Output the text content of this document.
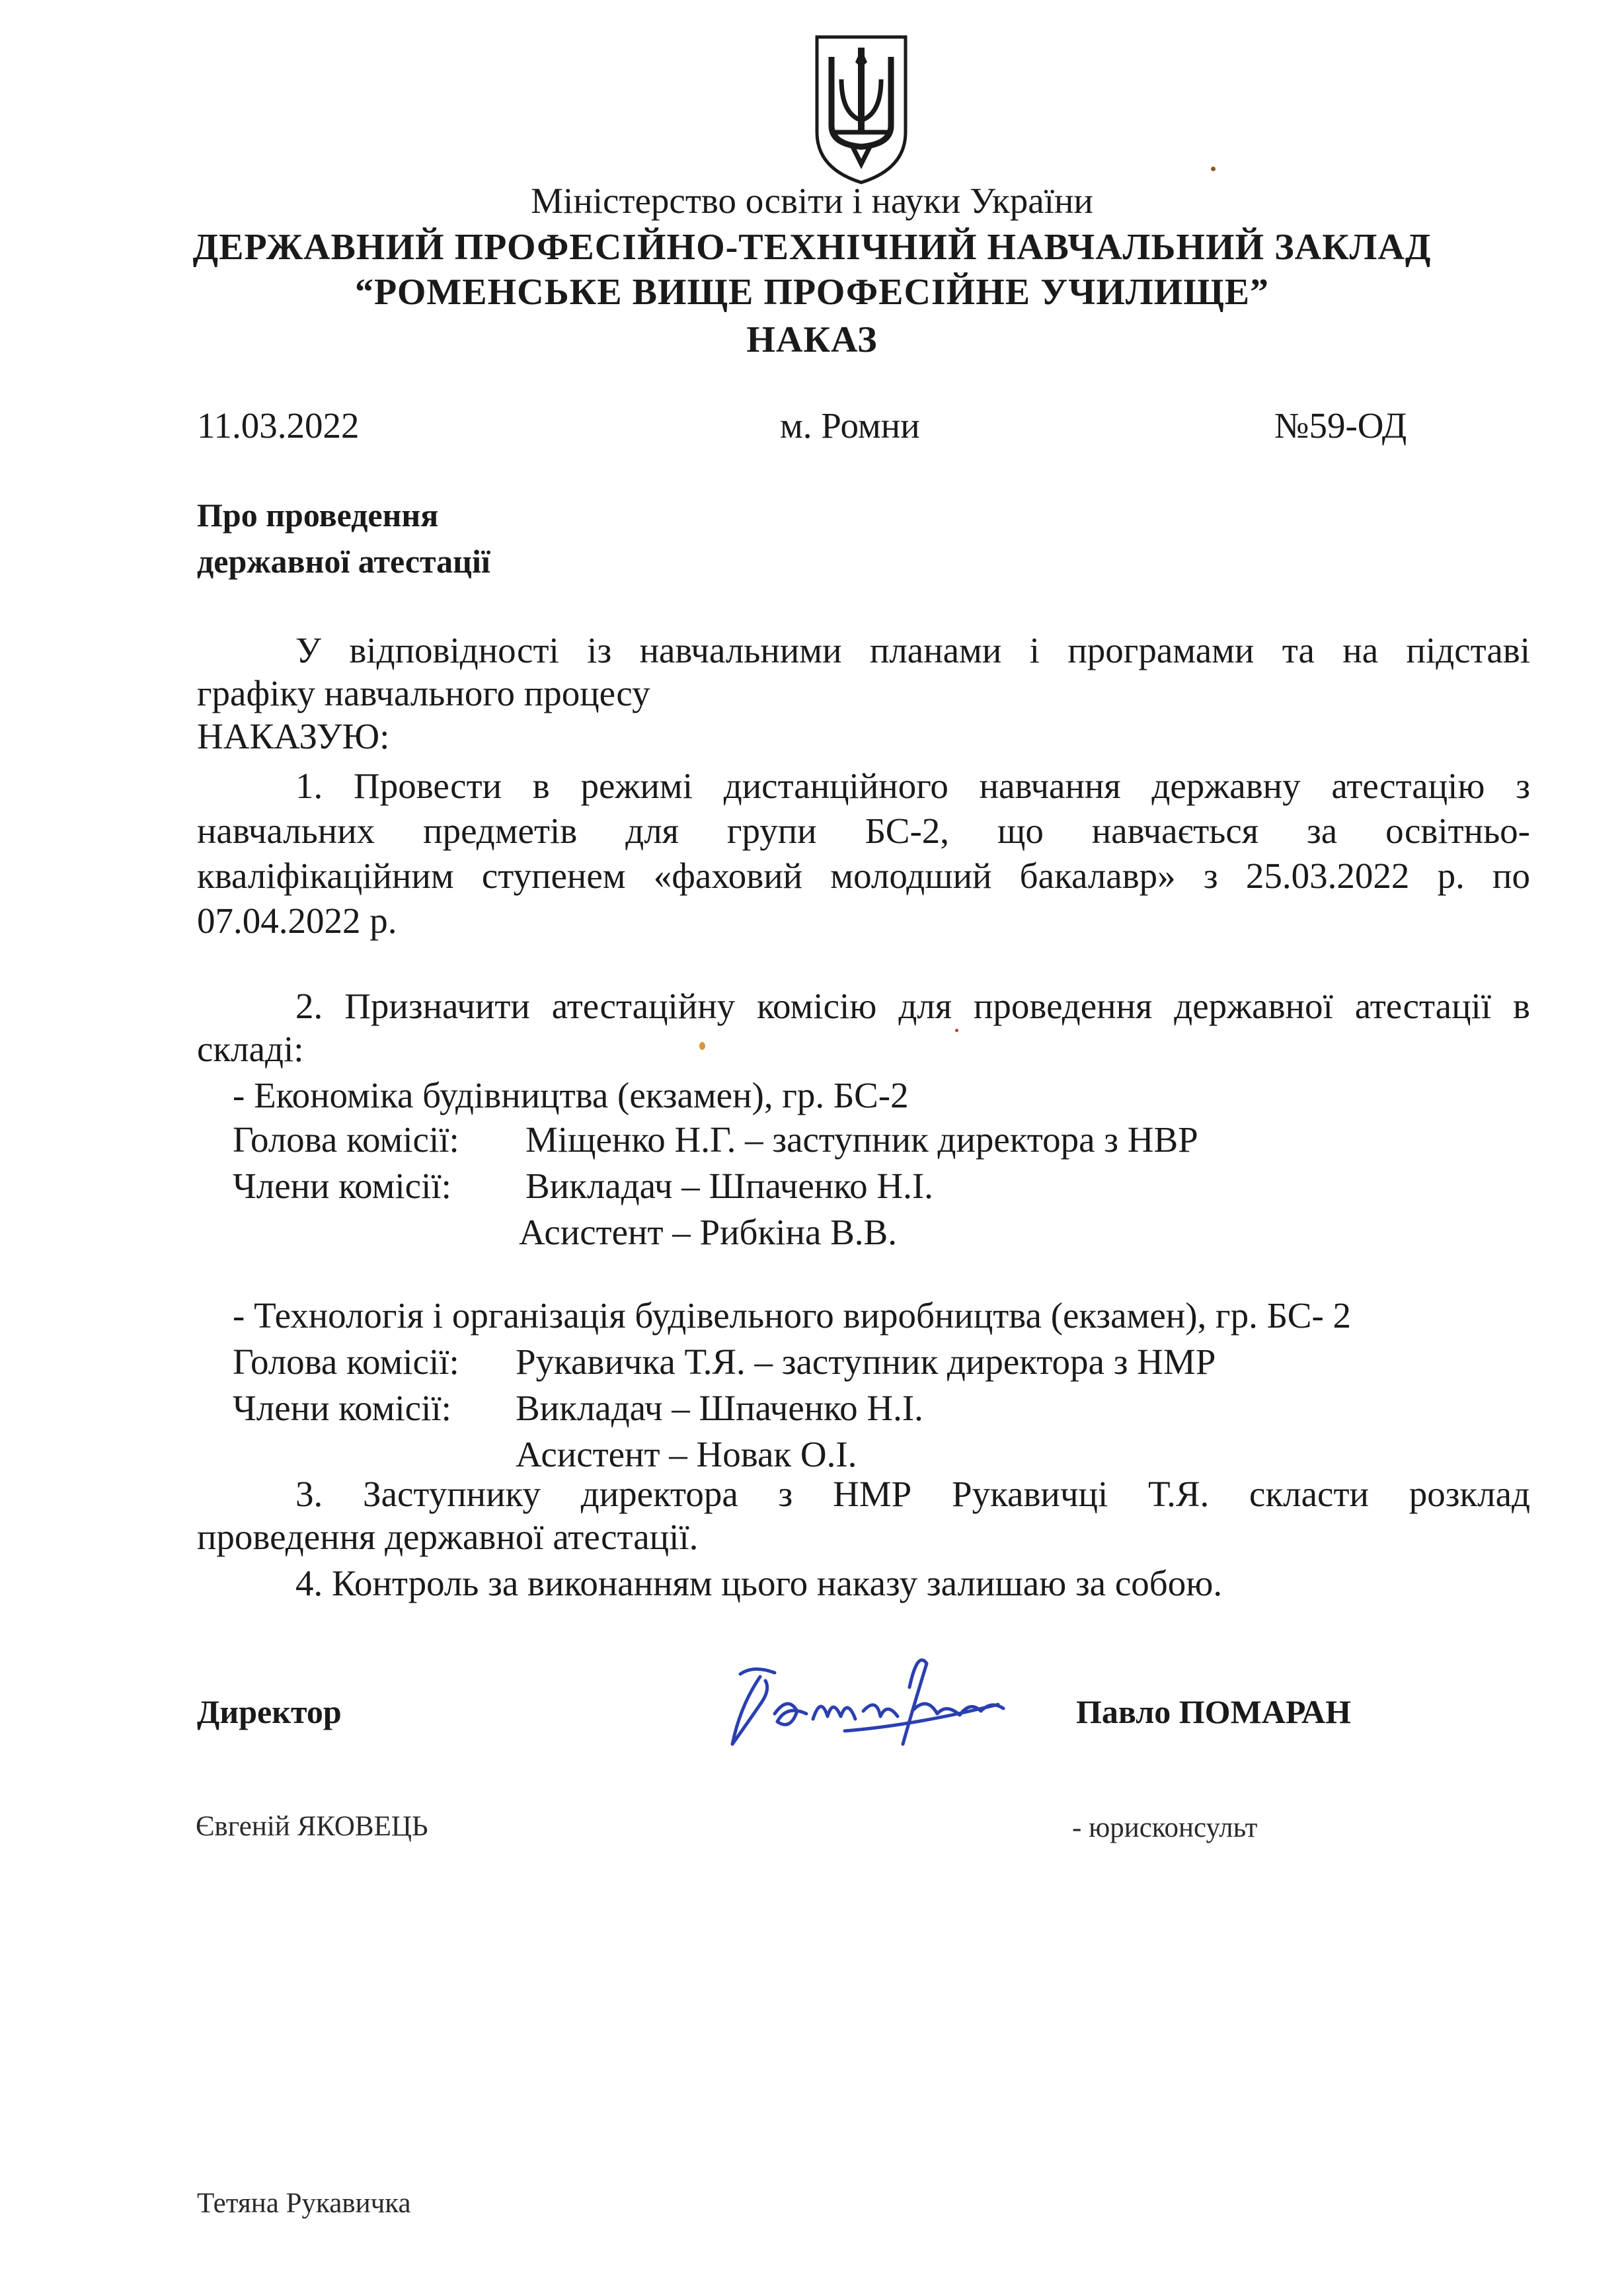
Міністерство освіти і науки України
ДЕРЖАВНИЙ ПРОФЕСІЙНО-ТЕХНІЧНИЙ НАВЧАЛЬНИЙ ЗАКЛАД
“РОМЕНСЬКЕ ВИЩЕ ПРОФЕСІЙНЕ УЧИЛИЩЕ”
НАКАЗ
11.03.2022	м. Ромни	№59-ОД
Про проведення
державної атестації
У відповідності із навчальними планами і програмами та на підставі
графіку навчального процесу
НАКАЗУЮ:
1. Провести в режимі дистанційного навчання державну атестацію з
навчальних предметів для групи БС-2, що навчається за освітньо-
кваліфікаційним ступенем «фаховий молодший бакалавр» з 25.03.2022 р. по
07.04.2022 р.
2. Призначити атестаційну комісію для проведення державної атестації в
складі:
- Економіка будівництва (екзамен), гр. БС-2
Голова комісії: Міщенко Н.Г. – заступник директора з НВР
Члени комісії: Викладач – Шпаченко Н.І.
Асистент – Рибкіна В.В.
- Технологія і організація будівельного виробництва (екзамен), гр. БС- 2
Голова комісії: Рукавичка Т.Я. – заступник директора з НМР
Члени комісії: Викладач – Шпаченко Н.І.
Асистент – Новак О.І.
3. Заступнику директора з НМР Рукавичці Т.Я. скласти розклад
проведення державної атестації.
4. Контроль за виконанням цього наказу залишаю за собою.
Директор	Павло ПОМАРАН
Євгеній ЯКОВЕЦЬ	- юрисконсульт
Тетяна Рукавичка
